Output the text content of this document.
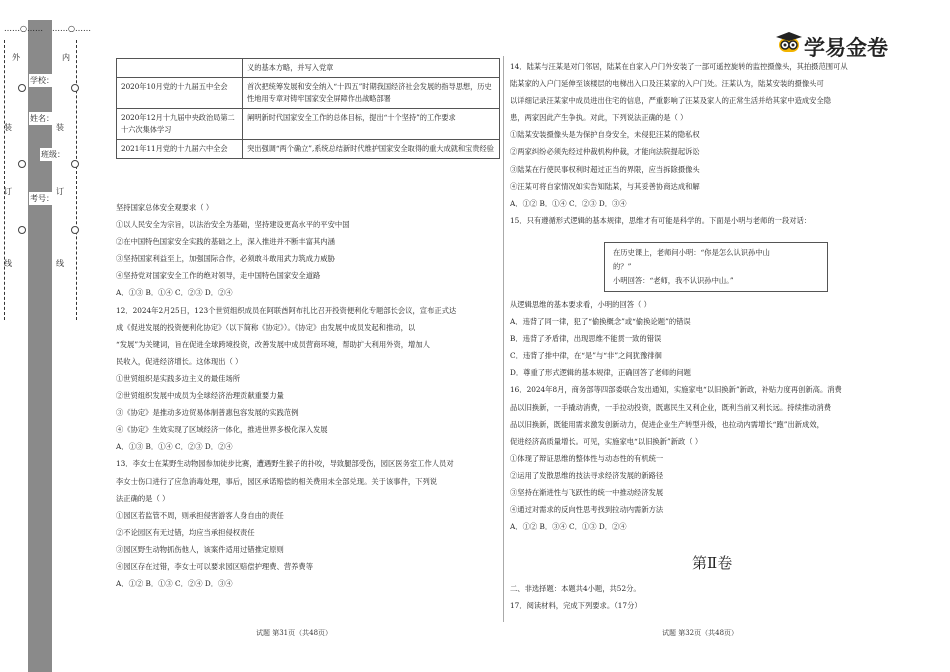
……○…… ……○……
外	内
装	装
订	订
线	线
学校：
姓名：
班级：
考号：
学易金卷
	义的基本方略，并写入党章
2020年10月党的十九届五中全会	首次把统筹发展和安全纳入“十四五”时期我国经济社会发展的指导思想，历史性地用专章对铸牢国家安全屏障作出战略部署
2020年12月十九届中央政治局第二十六次集体学习	阐明新时代国家安全工作的总体目标，提出“十个坚持”的工作要求
2021年11月党的十九届六中全会	突出强调“两个确立”,系统总结新时代维护国家安全取得的重大成就和宝贵经验

坚持国家总体安全观要求（ ）

①以人民安全为宗旨，以法治安全为基础，坚持建设更高水平的平安中国

②在中国特色国家安全实践的基础之上，深入推进并不断丰富其内涵

③坚持国家利益至上，加强国际合作，必须敢斗敢用武力筑成力威胁

④坚持党对国家安全工作的绝对领导，走中国特色国家安全道路

A．①③ B．①④ C．②③ D．②④

12．2024年2月25日，123个世贸组织成员在阿联酋阿布扎比召开投资便利化专题部长会议，宣布正式达

成《促进发展的投资便利化协定》（以下简称《协定》）。《协定》由发展中成员发起和推动，以

“发展”为关键词，旨在促进全球跨境投资，改善发展中成员营商环境，帮助扩大利用外资，增加人

民收入，促进经济增长。这体现出（ ）

①世贸组织是实践多边主义的最佳场所

②世贸组织发展中成员为全球经济治理贡献重要力量

③《协定》是推动多边贸易体制普惠包容发展的实践范例

④《协定》生效实现了区域经济一体化，推进世界多极化深入发展

A．①③ B．①④ C．②③ D．②④

13．李女士在某野生动物园参加徒步比赛，遭遇野生猴子的扑咬，导致腿部受伤，园区医务室工作人员对

李女士伤口进行了应急消毒处理，事后，园区承诺赔偿的相关费用未全部兑现。关于该事件，下列说

法正确的是（ ）

①园区若监管不周，则承担侵害游客人身自由的责任

②不论园区有无过错，均应当承担侵权责任

③园区野生动物抓伤他人，该案件适用过错推定原则

④园区存在过错，李女士可以要求园区赔偿护理费、营养费等

A．①② B．①③ C．②④ D．③④

14．陆某与汪某是对门邻居，陆某在自家入户门外安装了一部可遥控旋转的监控摄像头，其拍摄范围可从

陆某家的入户门延伸至该楼层的电梯出入口及汪某家的入户门处。汪某认为，陆某安装的摄像头可

以详细记录汪某家中成员进出住宅的信息，严重影响了汪某及家人的正常生活并给其家中造成安全隐

患，两家因此产生争执。对此，下列说法正确的是（ ）

①陆某安装摄像头是为保护自身安全，未侵犯汪某的隐私权

②两家纠纷必须先经过仲裁机构仲裁，才能向法院提起诉讼

③陆某在行使民事权利时超过正当的界限，应当拆除摄像头

④汪某可将自家情况如实告知陆某，与其妥善协商达成和解

A．①② B．①④ C．②③ D．③④

15．只有遵循形式逻辑的基本规律，思维才有可能是科学的。下面是小明与老师的一段对话：

在历史课上，老师问小明：“你是怎么认识孙中山
的？”
小明回答：“老师，我不认识孙中山。”

从逻辑思维的基本要求看，小明的回答（ ）

A．违背了同一律，犯了“偷换概念”或“偷换论题”的错误

B．违背了矛盾律，出现思维不能贯一致的错误

C．违背了排中律，在“是”与“非”之间犹豫徘徊

D．尊重了形式逻辑的基本规律，正确回答了老师的问题

16．2024年8月，商务部等四部委联合发出通知，实施家电“以旧换新”新政，补贴力度再创新高。消费

品以旧换新，一手撬动消费，一手拉动投资，既惠民生又利企业，既利当前又利长远。持续推动消费

品以旧换新，既能用需求激发创新动力，促进企业生产转型升级，也拉动内需增长“跑”出新成效，

促进经济高质量增长。可见，实施家电“以旧换新”新政（ ）

①体现了辩证思维的整体性与动态性的有机统一

②运用了发散思维的技法寻求经济发展的新路径

③坚持在渐进性与飞跃性的统一中推动经济发展

④通过对需求的反向性思考找到拉动内需新方法

A．①② B．③④ C．①③ D．②④

第Ⅱ卷

二、非选择题：本题共4小题，共52分。

17．阅读材料，完成下列要求。（17分）

试题 第31页（共48页）	试题 第32页（共48页）
